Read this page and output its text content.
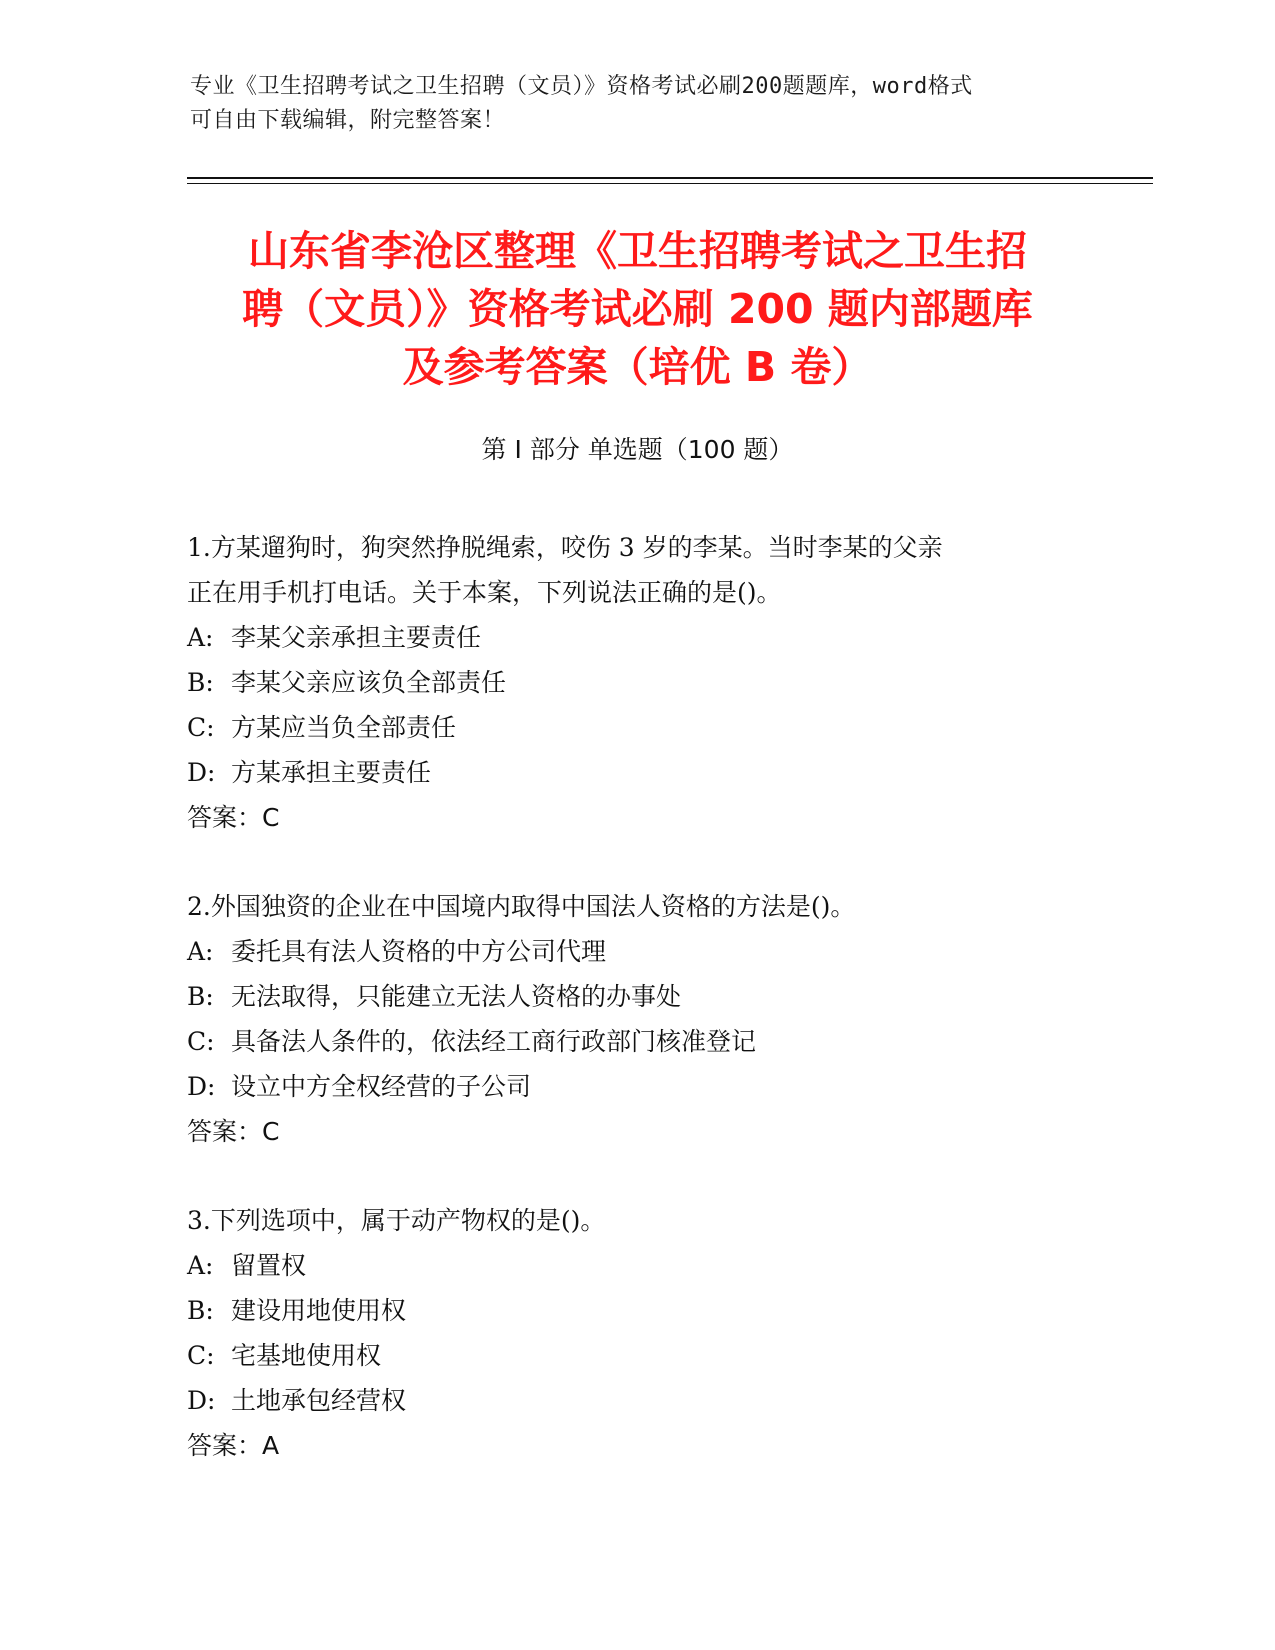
专业《卫生招聘考试之卫生招聘（文员）》资格考试必刷200题题库，word格式
可自由下载编辑，附完整答案！
山东省李沧区整理《卫生招聘考试之卫生招
聘（文员）》资格考试必刷 200 题内部题库
及参考答案（培优 B 卷）
第 I 部分 单选题（100 题）
1.方某遛狗时，狗突然挣脱绳索，咬伤 3 岁的李某。当时李某的父亲
正在用手机打电话。关于本案，下列说法正确的是()。
A: 李某父亲承担主要责任
B: 李某父亲应该负全部责任
C: 方某应当负全部责任
D: 方某承担主要责任
答案：C
2.外国独资的企业在中国境内取得中国法人资格的方法是()。
A: 委托具有法人资格的中方公司代理
B: 无法取得，只能建立无法人资格的办事处
C: 具备法人条件的，依法经工商行政部门核准登记
D: 设立中方全权经营的子公司
答案：C
3.下列选项中，属于动产物权的是()。
A: 留置权
B: 建设用地使用权
C: 宅基地使用权
D: 土地承包经营权
答案：A
